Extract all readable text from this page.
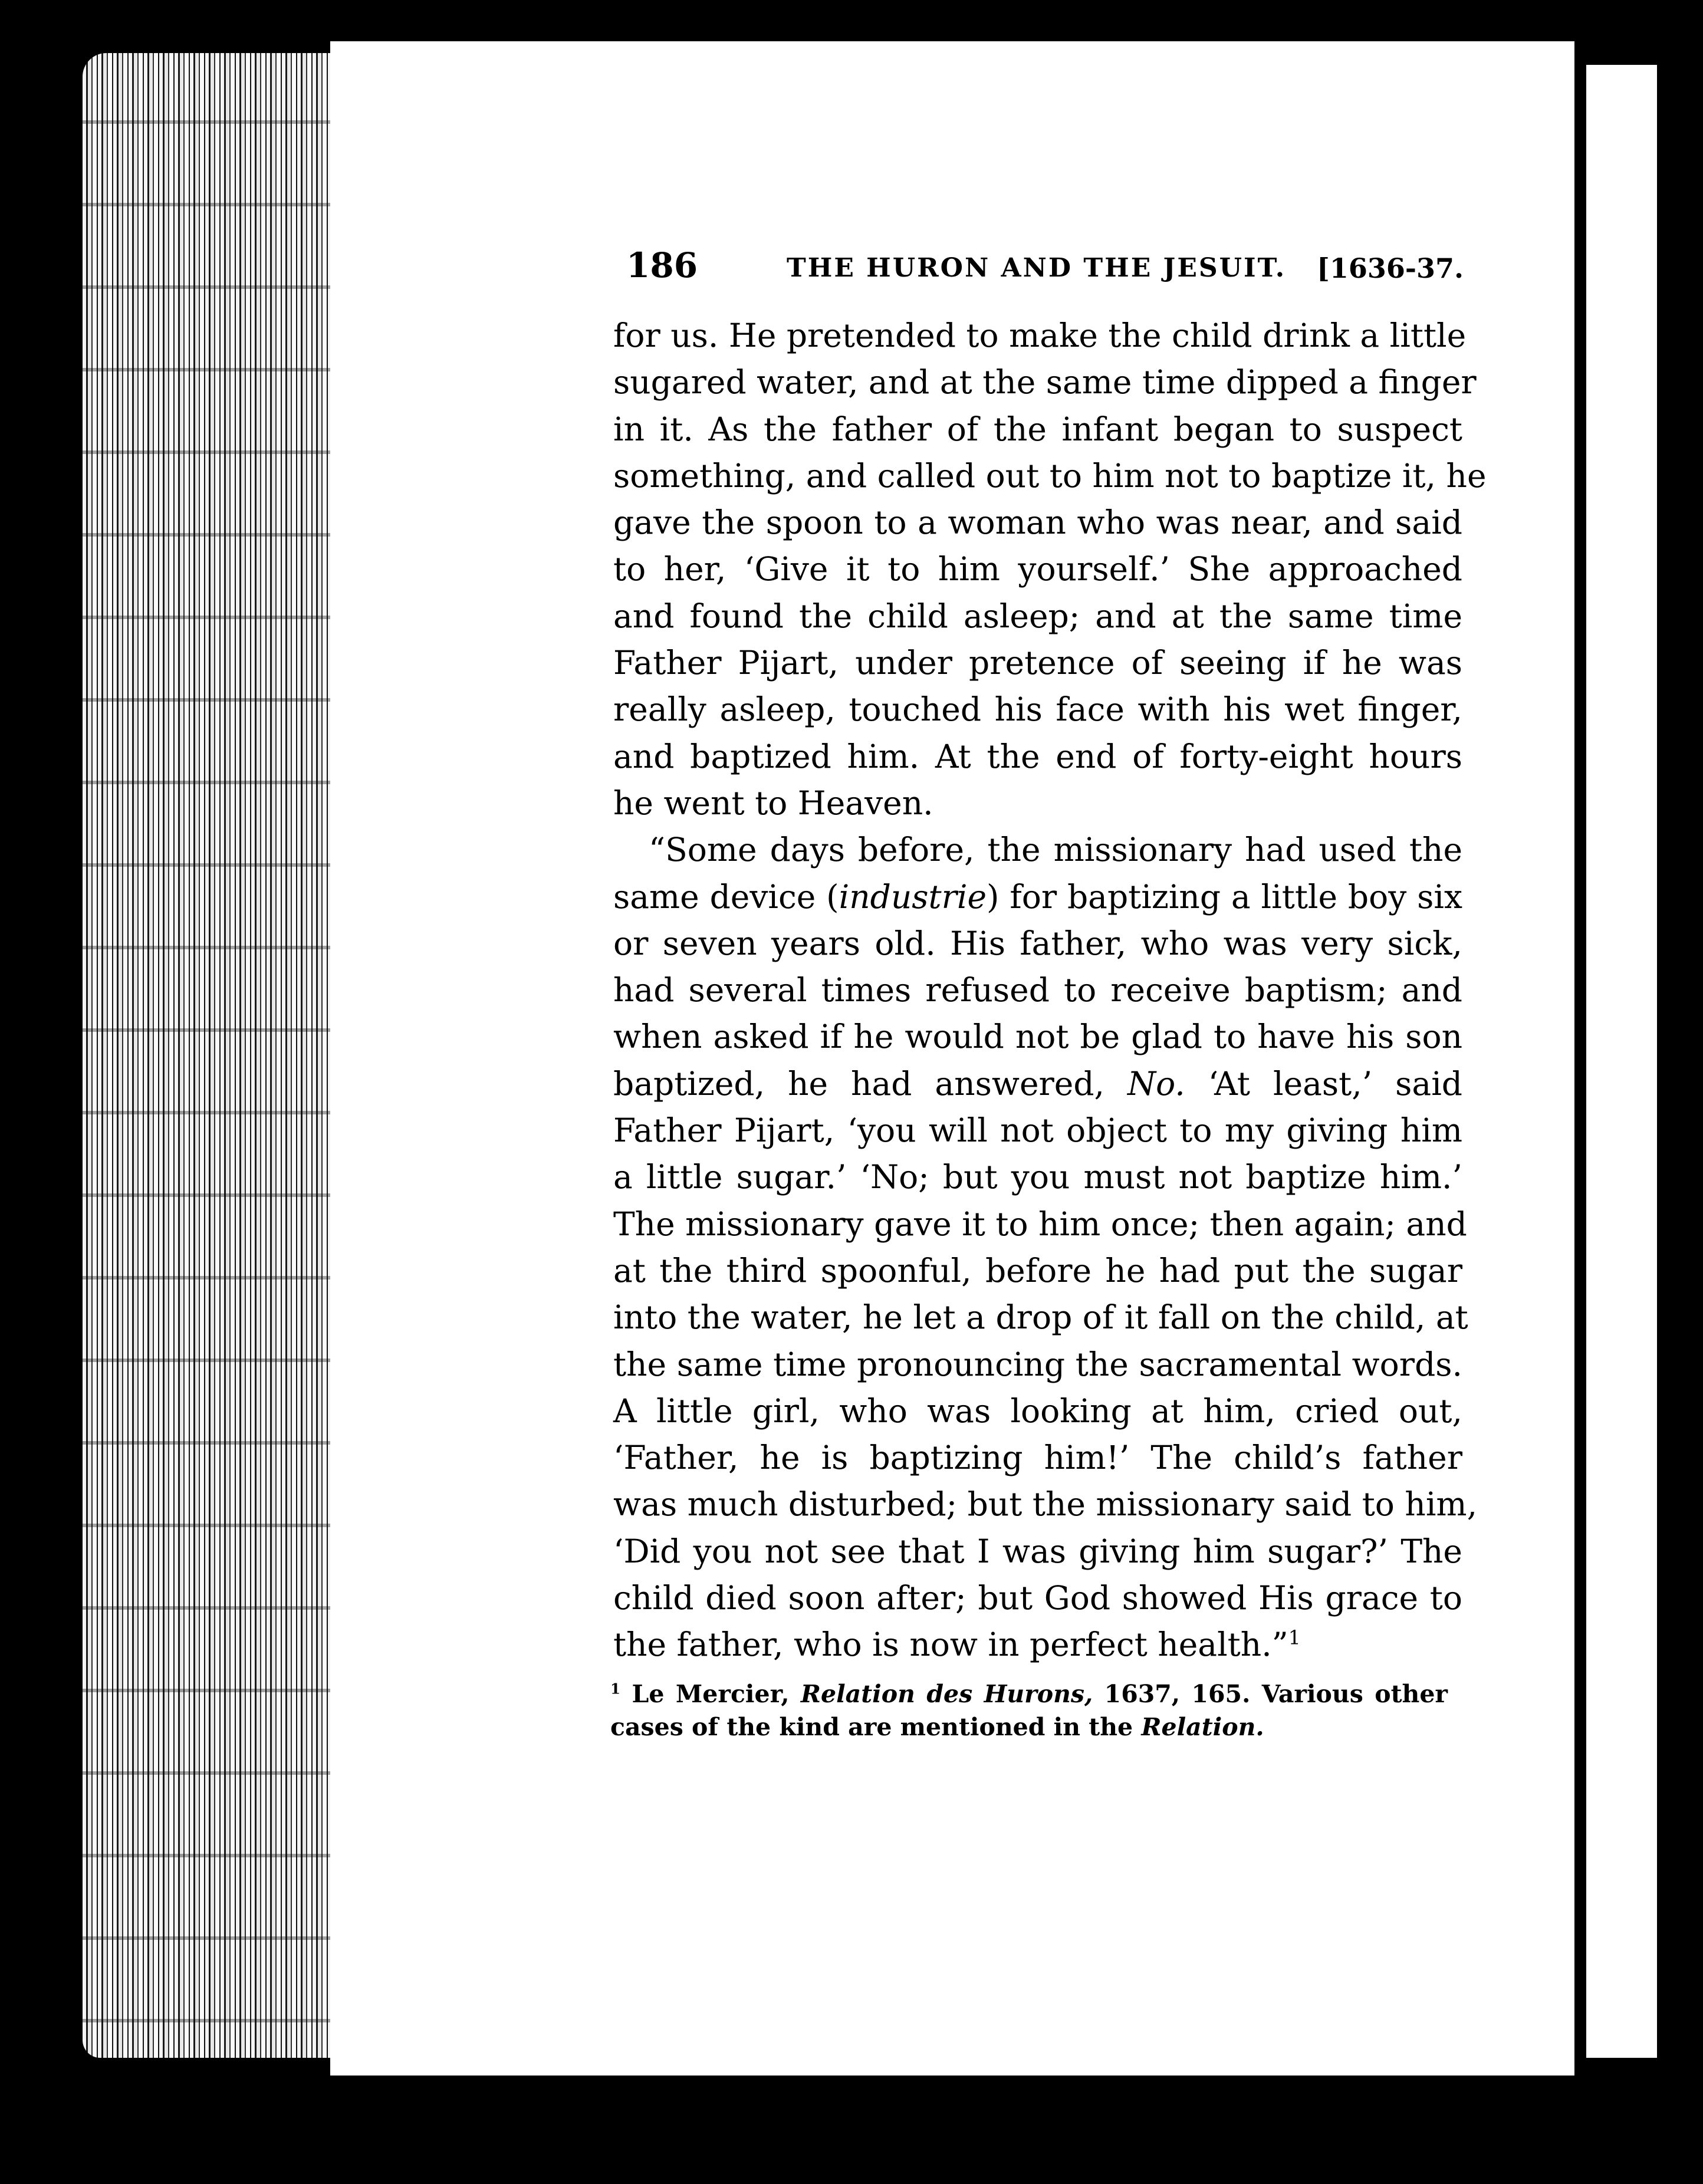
186	THE HURON AND THE JESUIT. [1636-37.
for us. He pretended to make the child drink a little
sugared water, and at the same time dipped a finger
in it. As the father of the infant began to suspect
something, and called out to him not to baptize it, he
gave the spoon to a woman who was near, and said
to her, ‘Give it to him yourself.’ She approached
and found the child asleep; and at the same time
Father Pijart, under pretence of seeing if he was
really asleep, touched his face with his wet finger,
and baptized him. At the end of forty-eight hours
he went to Heaven.
“Some days before, the missionary had used the
same device (industrie) for baptizing a little boy six
or seven years old. His father, who was very sick,
had several times refused to receive baptism; and
when asked if he would not be glad to have his son
baptized, he had answered, No. ‘At least,’ said
Father Pijart, ‘you will not object to my giving him
a little sugar.’ ‘No; but you must not baptize him.’
The missionary gave it to him once; then again; and
at the third spoonful, before he had put the sugar
into the water, he let a drop of it fall on the child, at
the same time pronouncing the sacramental words.
A little girl, who was looking at him, cried out,
‘Father, he is baptizing him!’ The child’s father
was much disturbed; but the missionary said to him,
‘Did you not see that I was giving him sugar?’ The
child died soon after; but God showed His grace to
the father, who is now in perfect health.”$^1$
$^1$ Le Mercier, Relation des Hurons, 1637, 165. Various other
cases of the kind are mentioned in the Relation.
